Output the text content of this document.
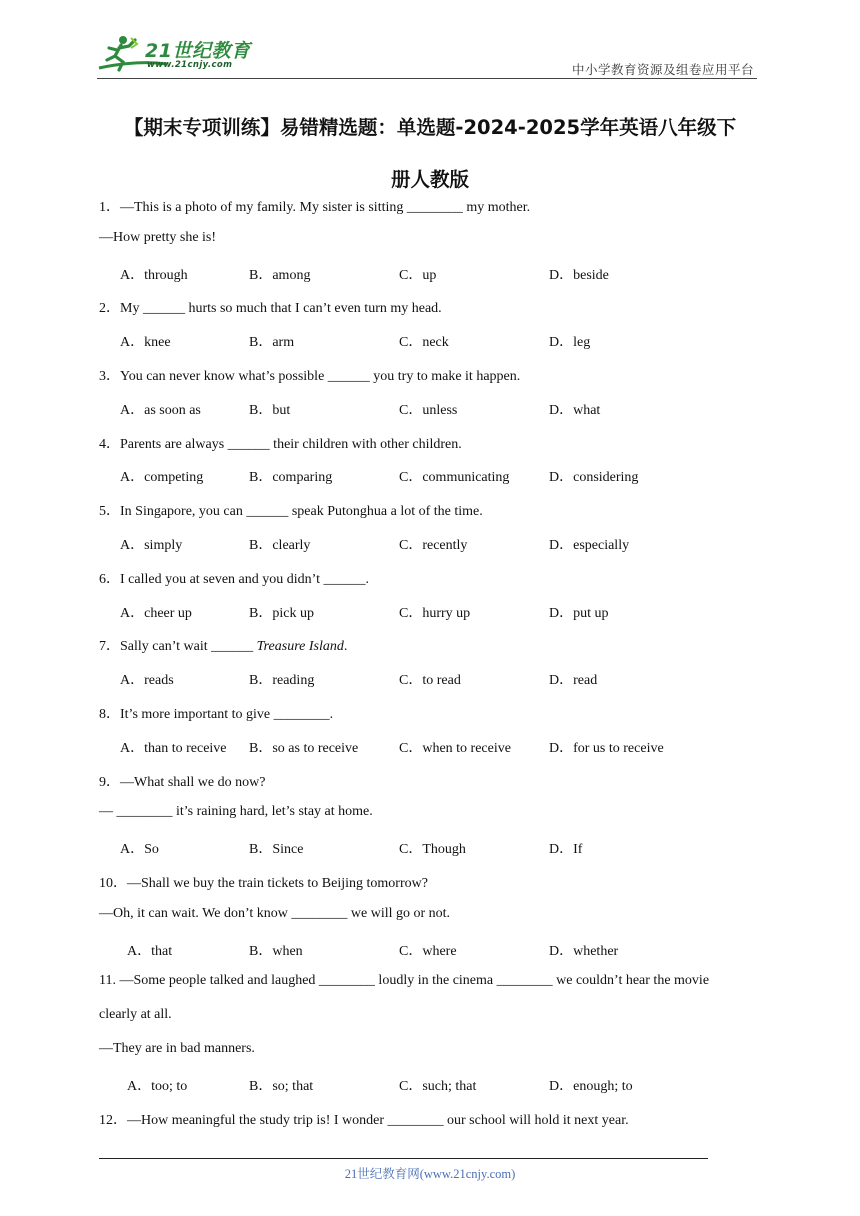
21世纪教育
www.21cnjy.com	中小学教育资源及组卷应用平台
【期末专项训练】易错精选题：单选题-2024-2025学年英语八年级下
册人教版
1．—This is a photo of my family. My sister is sitting ________ my mother.
—How pretty she is!
A．through	B．among	C．up	D．beside
2．My ______ hurts so much that I can’t even turn my head.
A．knee	B．arm	C．neck	D．leg
3．You can never know what’s possible ______ you try to make it happen.
A．as soon as	B．but	C．unless	D．what
4．Parents are always ______ their children with other children.
A．competing	B．comparing	C．communicating	D．considering
5．In Singapore, you can ______ speak Putonghua a lot of the time.
A．simply	B．clearly	C．recently	D．especially
6．I called you at seven and you didn’t ______.
A．cheer up	B．pick up	C．hurry up	D．put up
7．Sally can’t wait ______ Treasure Island.
A．reads	B．reading	C．to read	D．read
8．It’s more important to give ________.
A．than to receive B．so as to receive	C．when to receive	D．for us to receive
9．—What shall we do now?
— ________ it’s raining hard, let’s stay at home.
A．So	B．Since	C．Though	D．If
10．—Shall we buy the train tickets to Beijing tomorrow?
—Oh, it can wait. We don’t know ________ we will go or not.
A．that	B．when	C．where	D．whether
11. —Some people talked and laughed ________ loudly in the cinema ________ we couldn’t hear the movie
clearly at all.
—They are in bad manners.
A．too; to	B．so; that	C．such; that	D．enough; to
12．—How meaningful the study trip is! I wonder ________ our school will hold it next year.
21世纪教育网(www.21cnjy.com)
